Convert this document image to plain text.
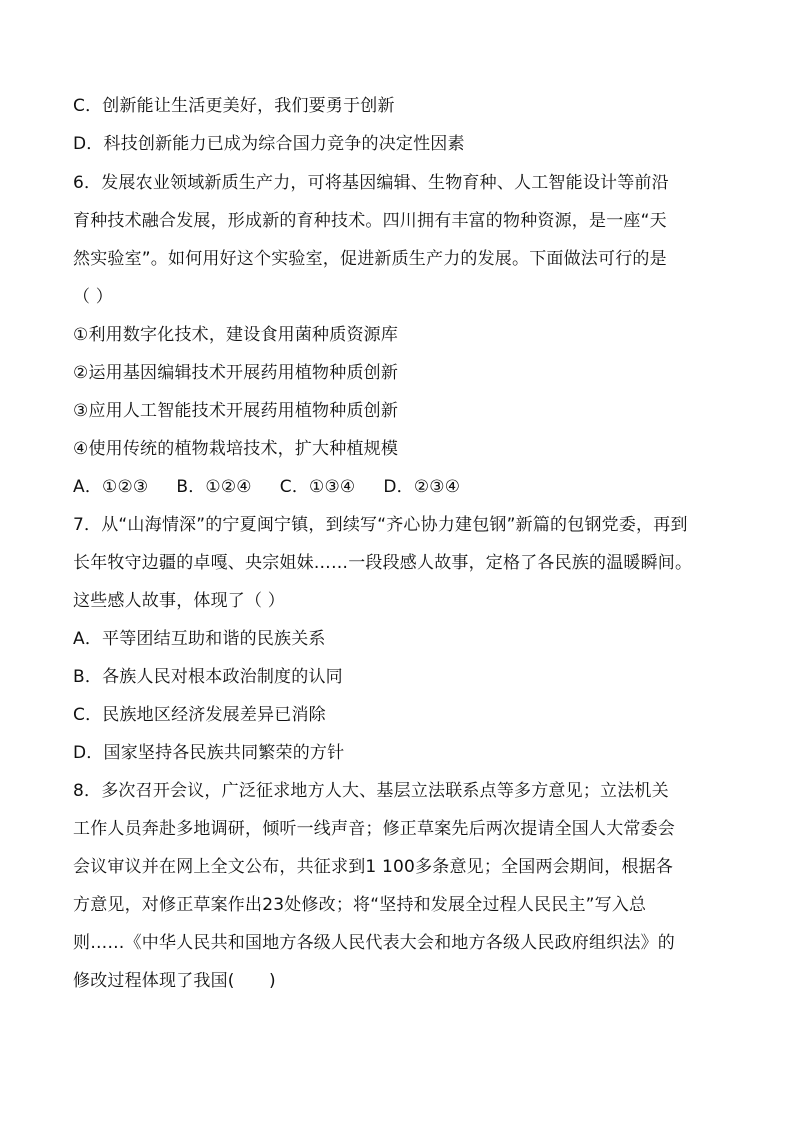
C．创新能让生活更美好，我们要勇于创新
D．科技创新能力已成为综合国力竞争的决定性因素
6．发展农业领域新质生产力，可将基因编辑、生物育种、人工智能设计等前沿
育种技术融合发展，形成新的育种技术。四川拥有丰富的物种资源，是一座“天
然实验室”。如何用好这个实验室，促进新质生产力的发展。下面做法可行的是
（ ）
①利用数字化技术，建设食用菌种质资源库
②运用基因编辑技术开展药用植物种质创新
③应用人工智能技术开展药用植物种质创新
④使用传统的植物栽培技术，扩大种植规模
A．①②③     B．①②④     C．①③④     D．②③④
7．从“山海情深”的宁夏闽宁镇，到续写“齐心协力建包钢”新篇的包钢党委，再到
长年牧守边疆的卓嘎、央宗姐妹……一段段感人故事，定格了各民族的温暖瞬间。
这些感人故事，体现了（ ）
A．平等团结互助和谐的民族关系
B．各族人民对根本政治制度的认同
C．民族地区经济发展差异已消除
D．国家坚持各民族共同繁荣的方针
8．多次召开会议，广泛征求地方人大、基层立法联系点等多方意见；立法机关
工作人员奔赴多地调研，倾听一线声音；修正草案先后两次提请全国人大常委会
会议审议并在网上全文公布，共征求到1 100多条意见；全国两会期间，根据各
方意见，对修正草案作出23处修改；将“坚持和发展全过程人民民主”写入总
则……《中华人民共和国地方各级人民代表大会和地方各级人民政府组织法》的
修改过程体现了我国(　　)
